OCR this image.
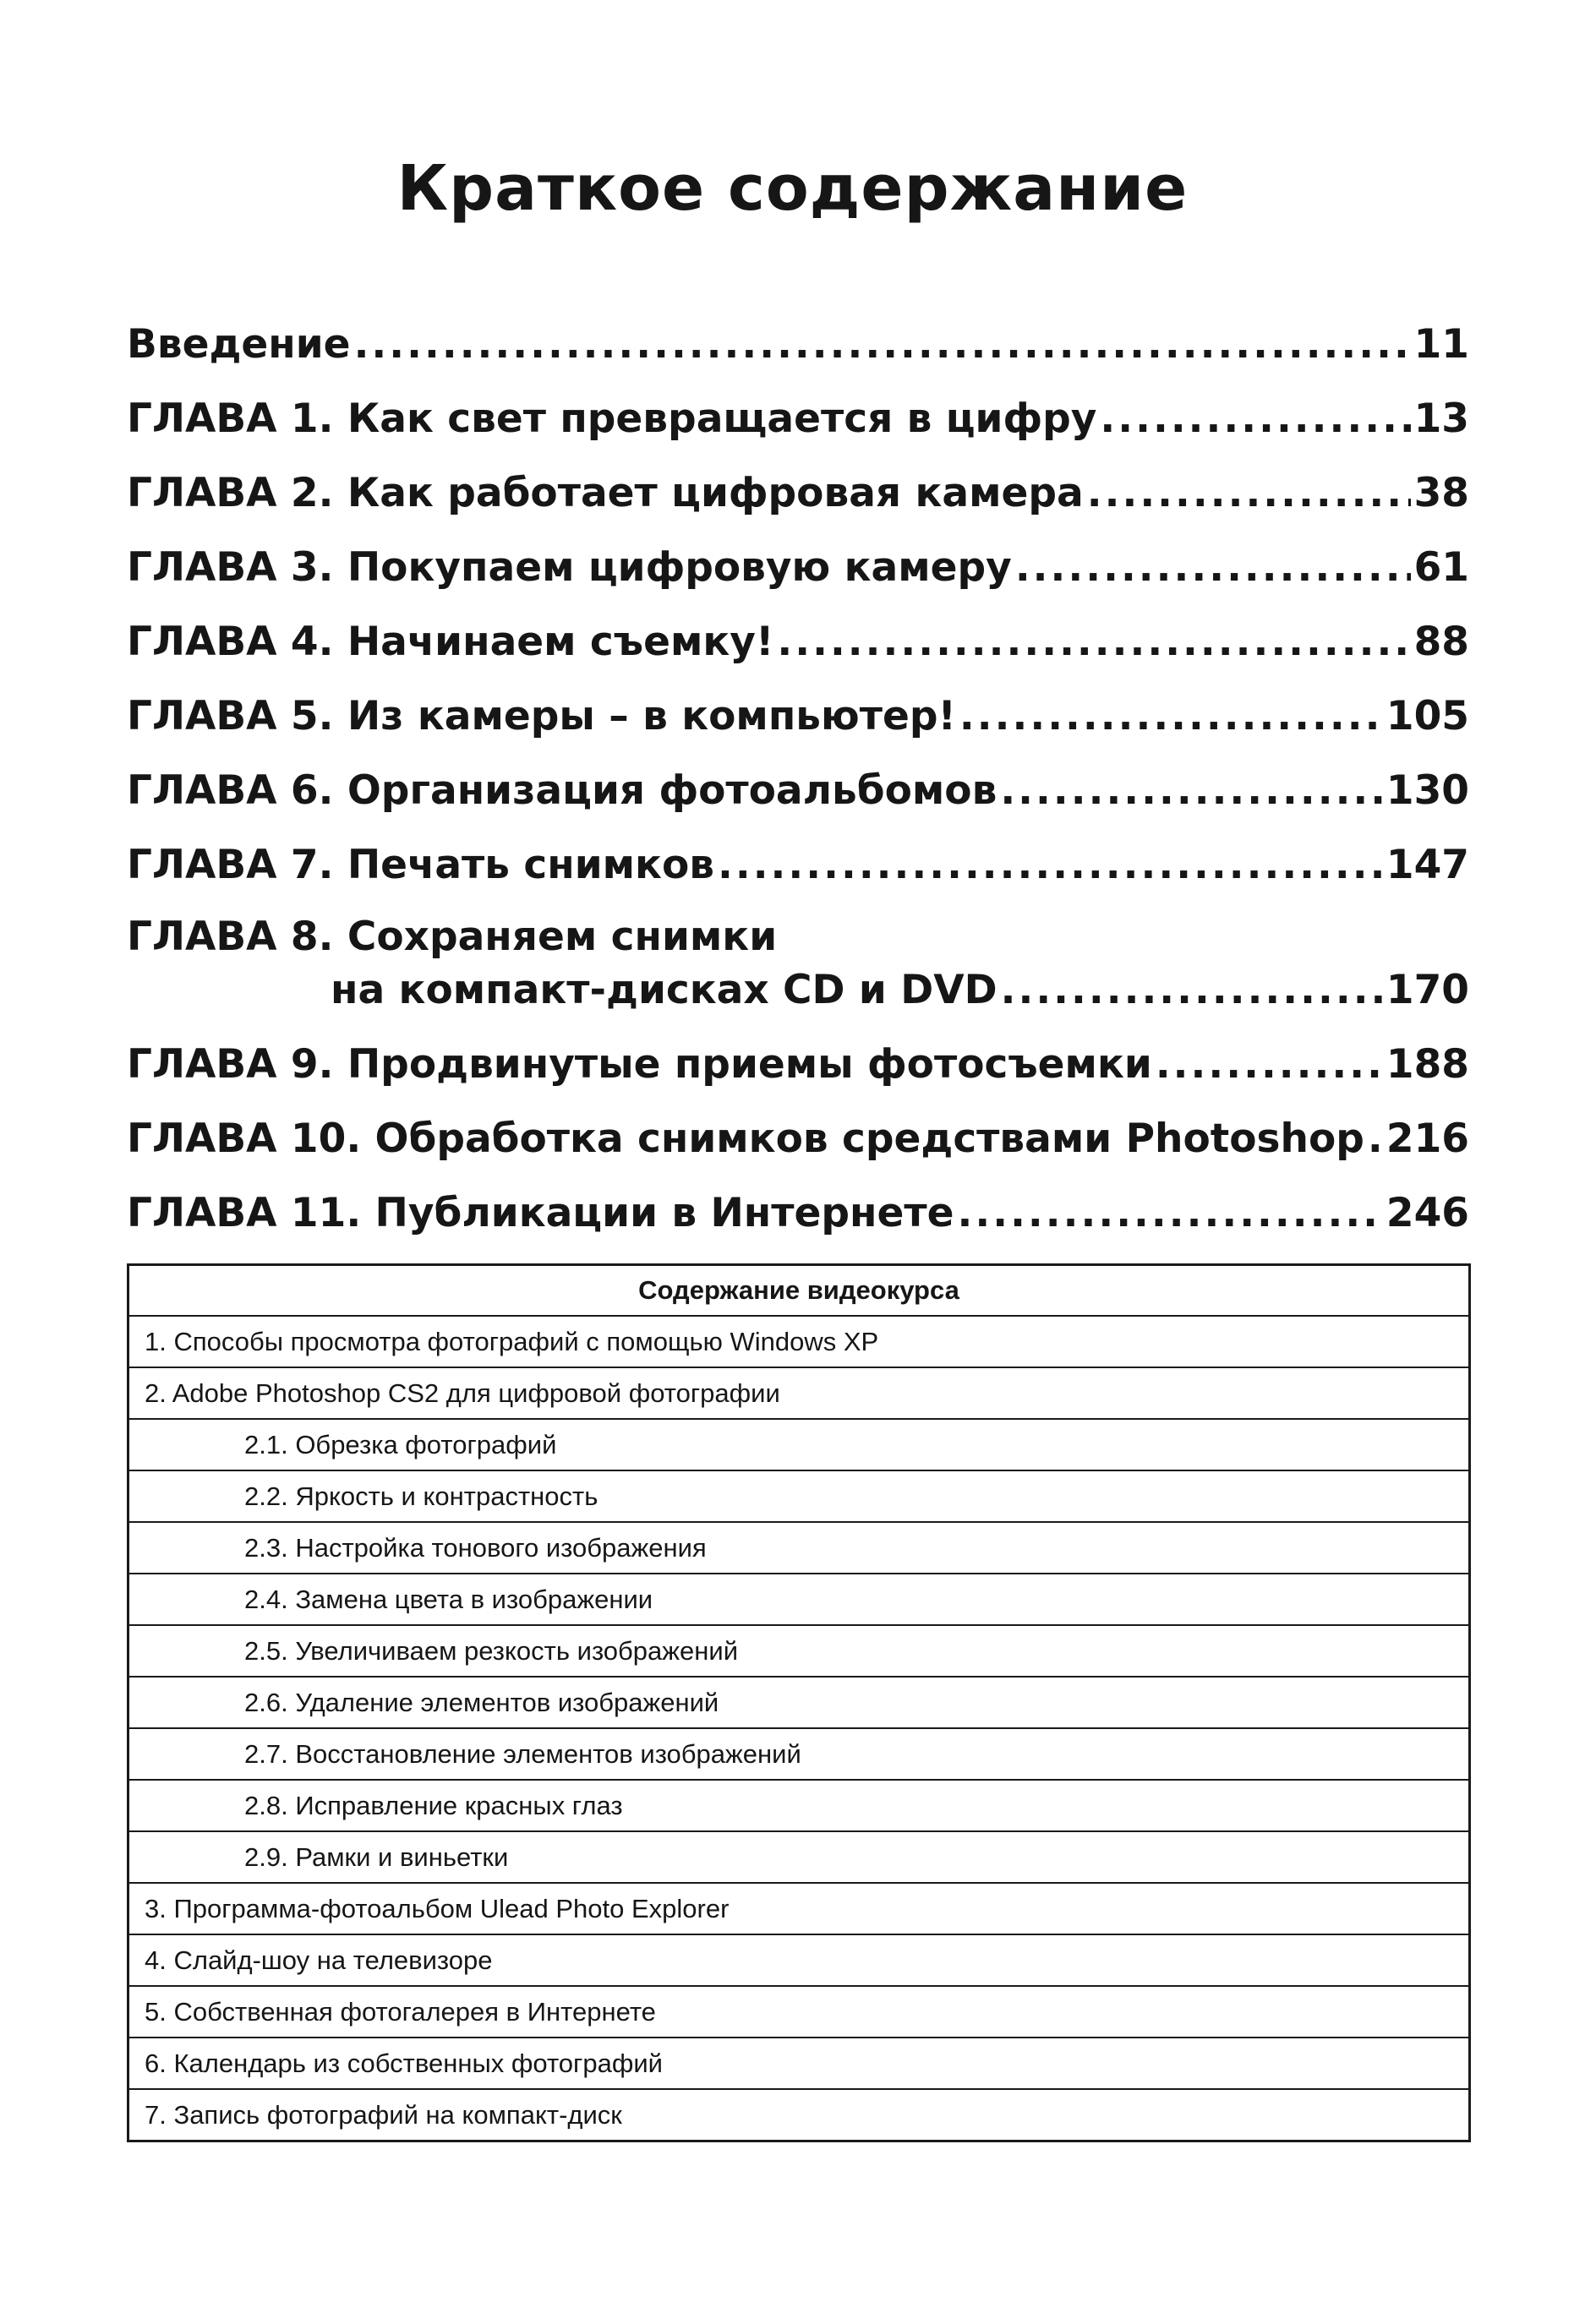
Краткое содержание
Введение .....	11
ГЛАВА 1. Как свет превращается в цифру .....	13
ГЛАВА 2. Как работает цифровая камера .....	38
ГЛАВА 3. Покупаем цифровую камеру .....	61
ГЛАВА 4. Начинаем съемку! .....	88
ГЛАВА 5. Из камеры – в компьютер! .....	105
ГЛАВА 6. Организация фотоальбомов .....	130
ГЛАВА 7. Печать снимков .....	147
ГЛАВА 8. Сохраняем снимки
на компакт-дисках CD и DVD .....	170
ГЛАВА 9. Продвинутые приемы фотосъемки .....	188
ГЛАВА 10. Обработка снимков средствами Photoshop ..... 216
ГЛАВА 11. Публикации в Интернете .....	246
Содержание видеокурса
1. Способы просмотра фотографий с помощью Windows XP
2. Adobe Photoshop CS2 для цифровой фотографии
2.1. Обрезка фотографий
2.2. Яркость и контрастность
2.3. Настройка тонового изображения
2.4. Замена цвета в изображении
2.5. Увеличиваем резкость изображений
2.6. Удаление элементов изображений
2.7. Восстановление элементов изображений
2.8. Исправление красных глаз
2.9. Рамки и виньетки
3. Программа-фотоальбом Ulead Photo Explorer
4. Слайд-шоу на телевизоре
5. Собственная фотогалерея в Интернете
6. Календарь из собственных фотографий
7. Запись фотографий на компакт-диск
